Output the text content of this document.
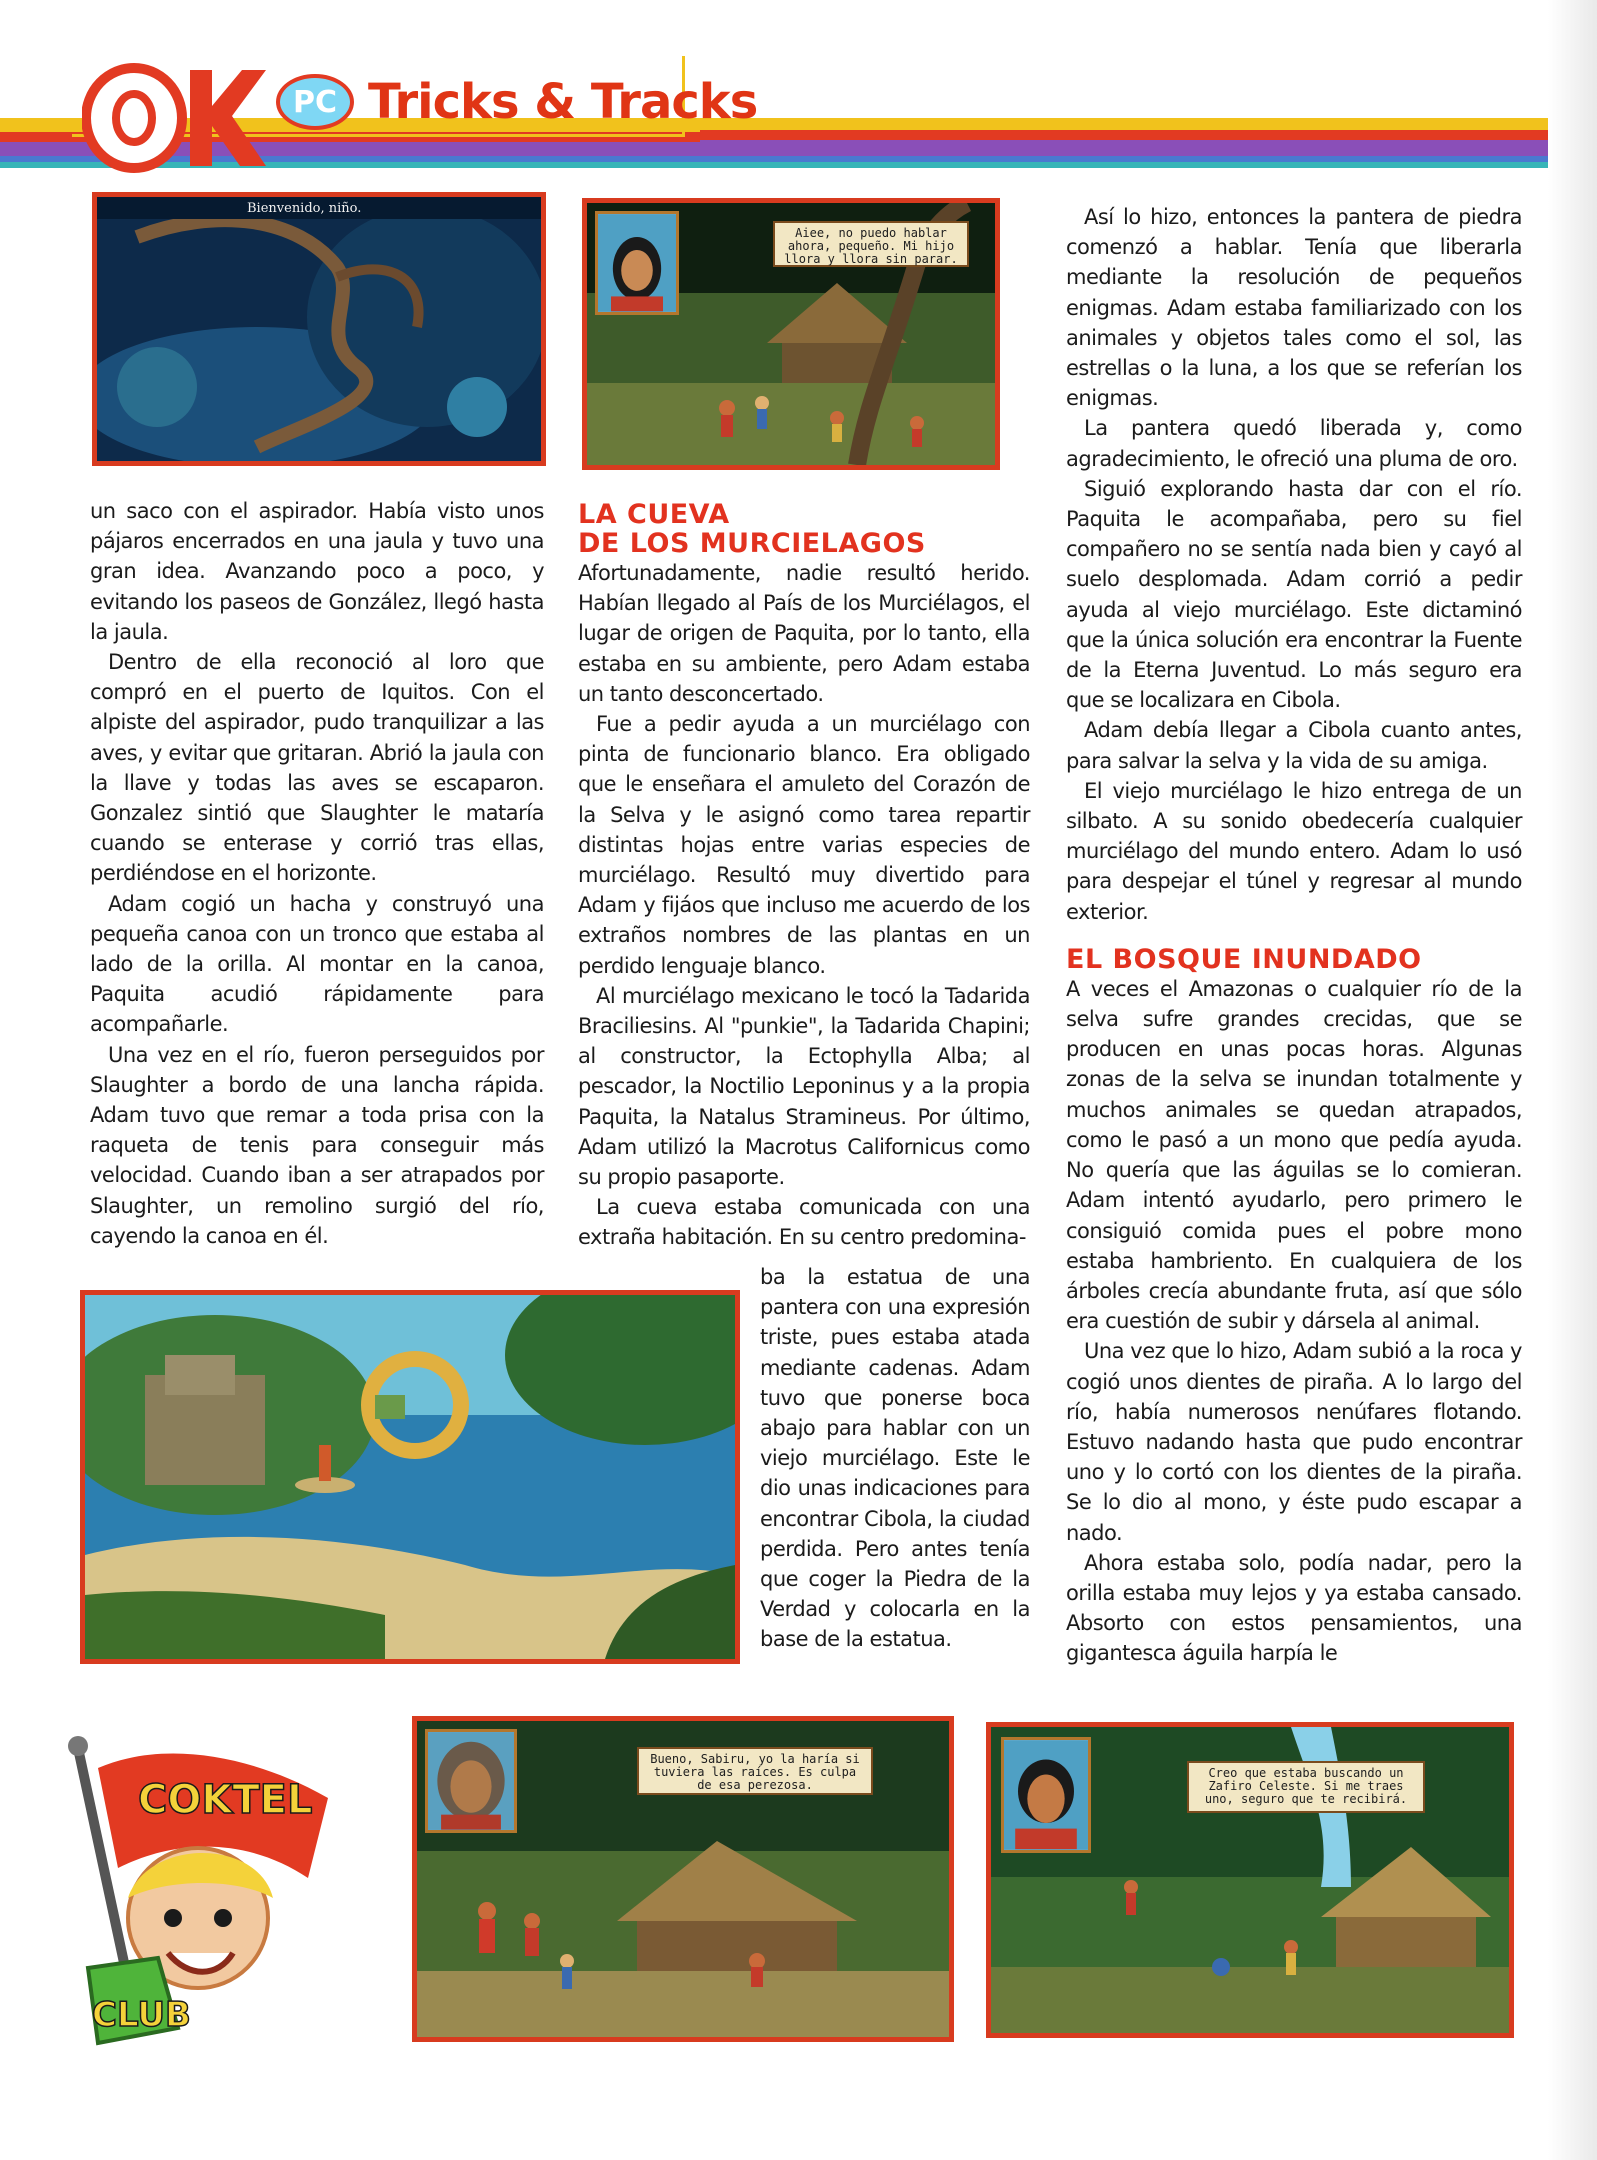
PC Tricks & Tracks
Bienvenido, niño.
Aiee, no puedo hablar ahora, pequeño. Mi hijo llora y llora sin parar.
Bueno, Sabiru, yo la haría si tuviera las raíces. Es culpa de esa perezosa.
Creo que estaba buscando un Zafiro Celeste. Si me traes uno, seguro que te recibirá.
COKTEL
CLUB

un saco con el aspirador. Había visto unos pájaros encerrados en una jaula y tuvo una gran idea. Avanzando poco a poco, y evitando los paseos de González, llegó hasta la jaula.

Dentro de ella reconoció al loro que compró en el puerto de Iquitos. Con el alpiste del aspirador, pudo tranquilizar a las aves, y evitar que gritaran. Abrió la jaula con la llave y todas las aves se escaparon. Gonzalez sintió que Slaughter le mataría cuando se enterase y corrió tras ellas, perdiéndose en el horizonte.

Adam cogió un hacha y construyó una pequeña canoa con un tronco que estaba al lado de la orilla. Al montar en la canoa, Paquita acudió rápidamente para acompañarle.

Una vez en el río, fueron perseguidos por Slaughter a bordo de una lancha rápida. Adam tuvo que remar a toda prisa con la raqueta de tenis para conseguir más velocidad. Cuando iban a ser atrapados por Slaughter, un remolino surgió del río, cayendo la canoa en él.

LA CUEVA
DE LOS MURCIELAGOS

Afortunadamente, nadie resultó herido. Habían llegado al País de los Murciélagos, el lugar de origen de Paquita, por lo tanto, ella estaba en su ambiente, pero Adam estaba un tanto desconcertado.

Fue a pedir ayuda a un murciélago con pinta de funcionario blanco. Era obligado que le enseñara el amuleto del Corazón de la Selva y le asignó como tarea repartir distintas hojas entre varias especies de murciélago. Resultó muy divertido para Adam y fijáos que incluso me acuerdo de los extraños nombres de las plantas en un perdido lenguaje blanco.

Al murciélago mexicano le tocó la Tadarida Braciliesins. Al "punkie", la Tadarida Chapini; al constructor, la Ectophylla Alba; al pescador, la Noctilio Leponinus y a la propia Paquita, la Natalus Stramineus. Por último, Adam utilizó la Macrotus Californicus como su propio pasaporte.

La cueva estaba comunicada con una extraña habitación. En su centro predomina-

ba la estatua de una pantera con una expresión triste, pues estaba atada mediante cadenas. Adam tuvo que ponerse boca abajo para hablar con un viejo murciélago. Este le dio unas indicaciones para encontrar Cibola, la ciudad perdida. Pero antes tenía que coger la Piedra de la Verdad y colocarla en la base de la estatua.

Así lo hizo, entonces la pantera de piedra comenzó a hablar. Tenía que liberarla mediante la resolución de pequeños enigmas. Adam estaba familiarizado con los animales y objetos tales como el sol, las estrellas o la luna, a los que se referían los enigmas.

La pantera quedó liberada y, como agradecimiento, le ofreció una pluma de oro.

Siguió explorando hasta dar con el río. Paquita le acompañaba, pero su fiel compañero no se sentía nada bien y cayó al suelo desplomada. Adam corrió a pedir ayuda al viejo murciélago. Este dictaminó que la única solución era encontrar la Fuente de la Eterna Juventud. Lo más seguro era que se localizara en Cibola.

Adam debía llegar a Cibola cuanto antes, para salvar la selva y la vida de su amiga.

El viejo murciélago le hizo entrega de un silbato. A su sonido obedecería cualquier murciélago del mundo entero. Adam lo usó para despejar el túnel y regresar al mundo exterior.

EL BOSQUE INUNDADO

A veces el Amazonas o cualquier río de la selva sufre grandes crecidas, que se producen en unas pocas horas. Algunas zonas de la selva se inundan totalmente y muchos animales se quedan atrapados, como le pasó a un mono que pedía ayuda. No quería que las águilas se lo comieran. Adam intentó ayudarlo, pero primero le consiguió comida pues el pobre mono estaba hambriento. En cualquiera de los árboles crecía abundante fruta, así que sólo era cuestión de subir y dársela al animal.

Una vez que lo hizo, Adam subió a la roca y cogió unos dientes de piraña. A lo largo del río, había numerosos nenúfares flotando. Estuvo nadando hasta que pudo encontrar uno y lo cortó con los dientes de la piraña. Se lo dio al mono, y éste pudo escapar a nado.

Ahora estaba solo, podía nadar, pero la orilla estaba muy lejos y ya estaba cansado. Absorto con estos pensamientos, una gigantesca águila harpía le
